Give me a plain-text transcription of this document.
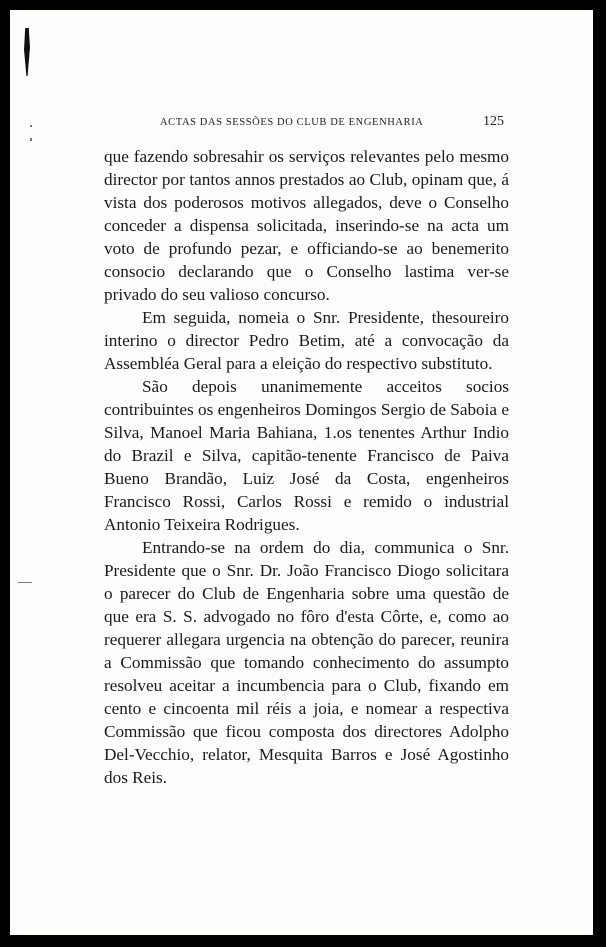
ACTAS DAS SESSÕES DO CLUB DE ENGENHARIA	125

que fazendo sobresahir os serviços relevantes pelo mesmo director por tantos annos prestados ao Club, opinam que, á vista dos poderosos motivos allegados, deve o Conselho conceder a dispensa solicitada, inserindo-se na acta um voto de profundo pezar, e officiando-se ao benemerito consocio declarando que o Conselho lastima ver-se privado do seu valioso concurso.

Em seguida, nomeia o Snr. Presidente, thesoureiro interino o director Pedro Betim, até a convocação da Assembléa Geral para a eleição do respectivo substituto.

São depois unanimemente acceitos socios contribuintes os engenheiros Domingos Sergio de Saboia e Silva, Manoel Maria Bahiana, 1.os tenentes Arthur Indio do Brazil e Silva, capitão-tenente Francisco de Paiva Bueno Brandão, Luiz José da Costa, engenheiros Francisco Rossi, Carlos Rossi e remido o industrial Antonio Teixeira Rodrigues.

Entrando-se na ordem do dia, communica o Snr. Presidente que o Snr. Dr. João Francisco Diogo solicitara o parecer do Club de Engenharia sobre uma questão de que era S. S. advogado no fôro d'esta Côrte, e, como ao requerer allegara urgencia na obtenção do parecer, reunira a Commissão que tomando conhecimento do assumpto resolveu aceitar a incumbencia para o Club, fixando em cento e cincoenta mil réis a joia, e nomear a respectiva Commissão que ficou composta dos directores Adolpho Del-Vecchio, relator, Mesquita Barros e José Agostinho dos Reis.
